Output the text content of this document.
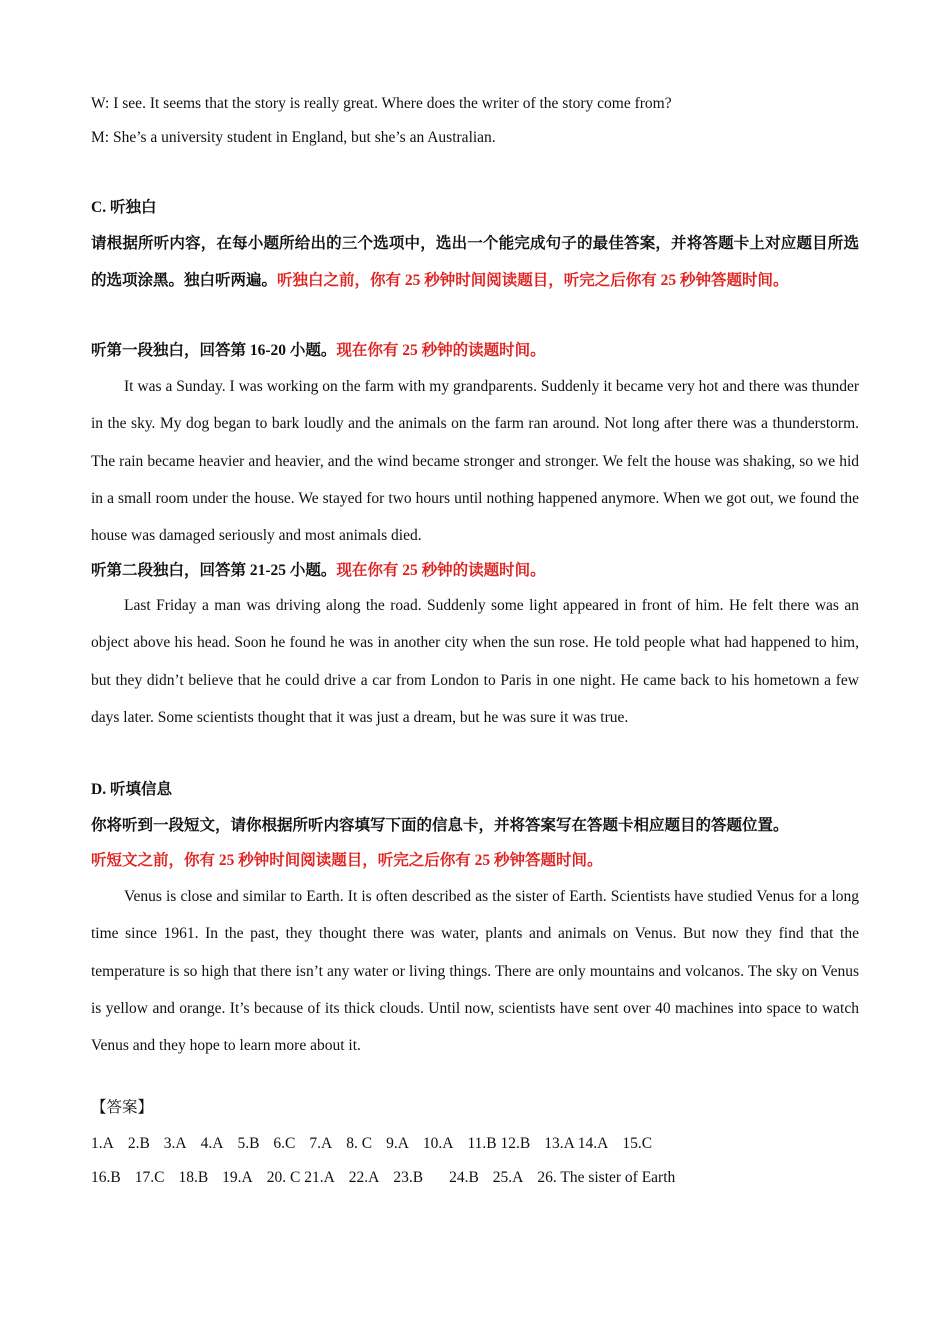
W: I see. It seems that the story is really great. Where does the writer of the story come from?
M: She’s a university student in England, but she’s an Australian.
C. 听独白
请根据所听内容，在每小题所给出的三个选项中，选出一个能完成句子的最佳答案，并将答题卡上对应题目所选的选项涂黑。独白听两遍。听独白之前，你有 25 秒钟时间阅读题目，听完之后你有 25 秒钟答题时间。
听第一段独白，回答第 16-20 小题。现在你有 25 秒钟的读题时间。
It was a Sunday. I was working on the farm with my grandparents. Suddenly it became very hot and there was thunder in the sky. My dog began to bark loudly and the animals on the farm ran around. Not long after there was a thunderstorm. The rain became heavier and heavier, and the wind became stronger and stronger. We felt the house was shaking, so we hid in a small room under the house. We stayed for two hours until nothing happened anymore. When we got out, we found the house was damaged seriously and most animals died.
听第二段独白，回答第 21-25 小题。现在你有 25 秒钟的读题时间。
Last Friday a man was driving along the road. Suddenly some light appeared in front of him. He felt there was an object above his head. Soon he found he was in another city when the sun rose. He told people what had happened to him, but they didn’t believe that he could drive a car from London to Paris in one night. He came back to his hometown a few days later. Some scientists thought that it was just a dream, but he was sure it was true.
D. 听填信息
你将听到一段短文，请你根据所听内容填写下面的信息卡，并将答案写在答题卡相应题目的答题位置。
听短文之前，你有 25 秒钟时间阅读题目，听完之后你有 25 秒钟答题时间。
Venus is close and similar to Earth. It is often described as the sister of Earth. Scientists have studied Venus for a long time since 1961. In the past, they thought there was water, plants and animals on Venus. But now they find that the temperature is so high that there isn’t any water or living things. There are only mountains and volcanos. The sky on Venus is yellow and orange. It’s because of its thick clouds. Until now, scientists have sent over 40 machines into space to watch Venus and they hope to learn more about it.
【答案】
1.A 2.B 3.A 4.A 5.B 6.C 7.A 8. C 9.A 10.A 11.B 12.B 13.A 14.A 15.C
16.B 17.C 18.B 19.A 20. C 21.A 22.A 23.B 24.B 25.A 26. The sister of Earth
